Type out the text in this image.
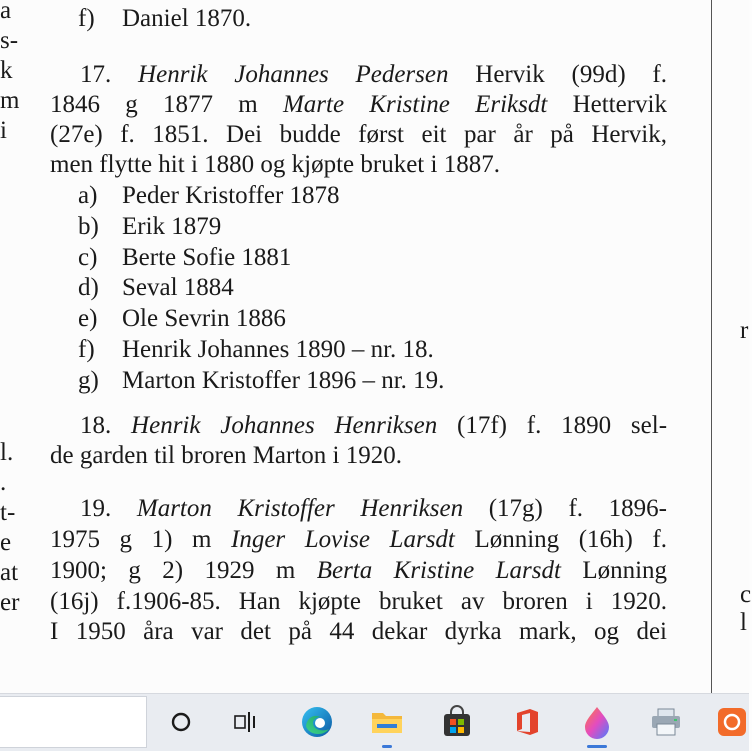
a
s-
k
m
i
l.
.
t-
e
at
er
r
c
l
f) Daniel 1870.
17. Henrik Johannes Pedersen Hervik (99d) f.
1846 g 1877 m Marte Kristine Eriksdt Hettervik
(27e) f. 1851. Dei budde først eit par år på Hervik,
men flytte hit i 1880 og kjøpte bruket i 1887.
a) Peder Kristoffer 1878
b) Erik 1879
c) Berte Sofie 1881
d) Seval 1884
e) Ole Sevrin 1886
f) Henrik Johannes 1890 – nr. 18.
g) Marton Kristoffer 1896 – nr. 19.
18. Henrik Johannes Henriksen (17f) f. 1890 sel-
de garden til broren Marton i 1920.
19. Marton Kristoffer Henriksen (17g) f. 1896-
1975 g 1) m Inger Lovise Larsdt Lønning (16h) f.
1900; g 2) 1929 m Berta Kristine Larsdt Lønning
(16j) f.1906-85. Han kjøpte bruket av broren i 1920.
I 1950 åra var det på 44 dekar dyrka mark, og dei
